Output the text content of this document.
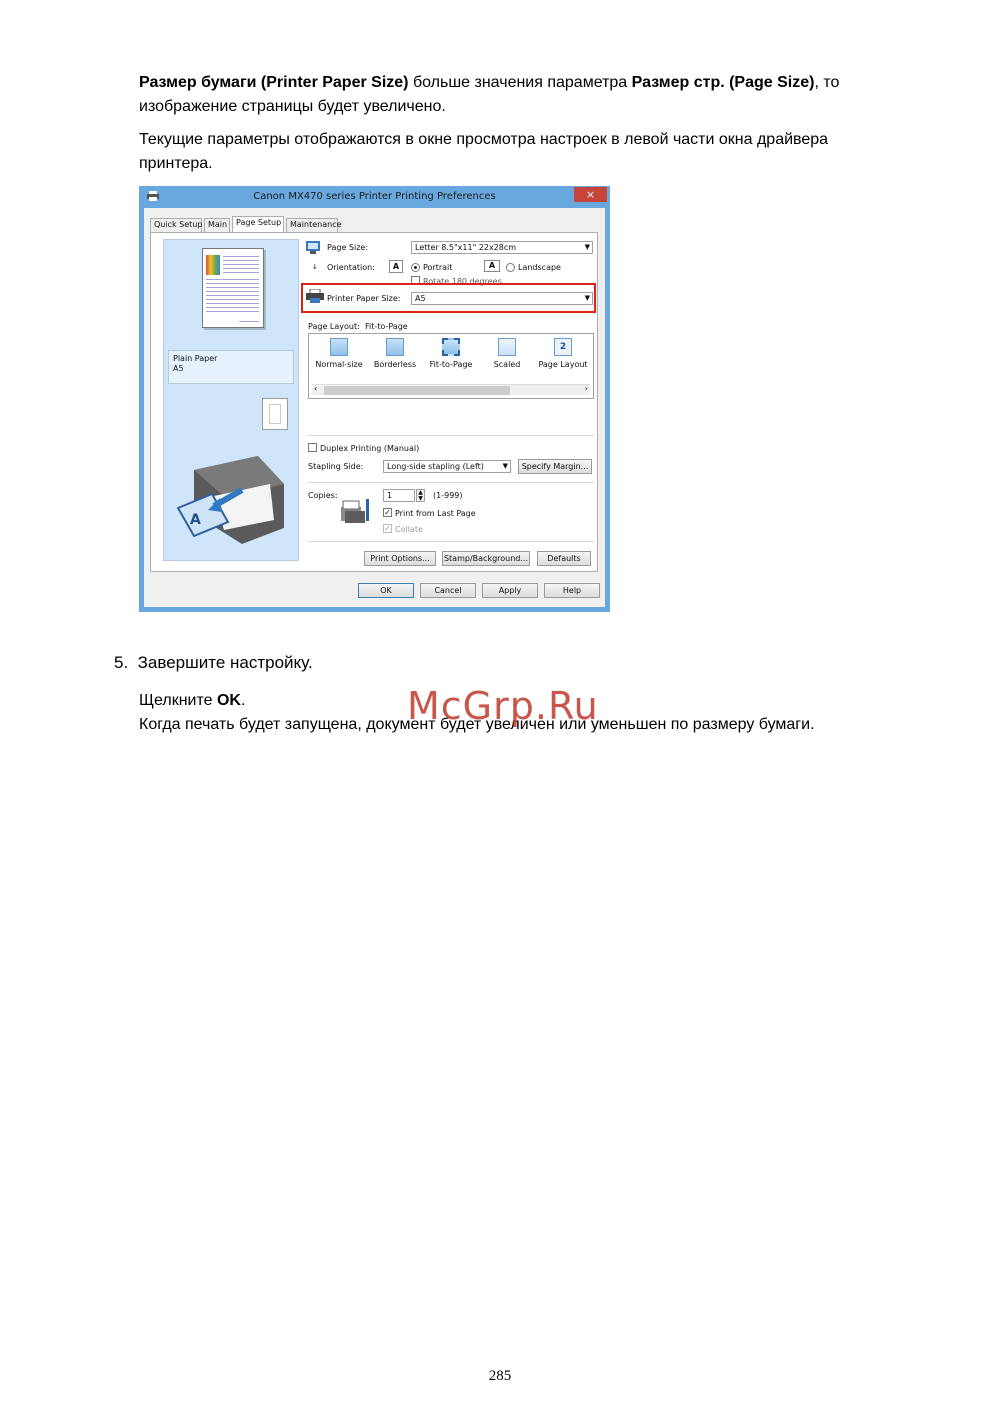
Размер бумаги (Printer Paper Size) больше значения параметра Размер стр. (Page Size), то
изображение страницы будет увеличено.
Текущие параметры отображаются в окне просмотра настроек в левой части окна драйвера
принтера.
Canon MX470 series Printer Printing Preferences	×
Quick Setup Main	Page Setup	Maintenance
Plain Paper
A5
A
Page Size:	Letter 8.5"x11" 22x28cm	▼
↓ Orientation:	A	Portrait	A	Landscape
Rotate 180 degrees
Printer Paper Size:	A5	▼
Page Layout: Fit-to-Page
Normal-size	Borderless	Fit-to-Page	Scaled
2
Page Layout
‹	›
Duplex Printing (Manual)
Stapling Side:	Long-side stapling (Left)	▼	Specify Margin...
Copies:	1	▲
▼ (1-999)
✓ Print from Last Page
✓ Collate
Print Options...	Stamp/Background...	Defaults
OK	Cancel	Apply	Help
5. Завершите настройку.
Щелкните OK.
Когда печать будет запущена, документ будет увеличен или уменьшен по размеру бумаги.
McGrp.Ru
285
